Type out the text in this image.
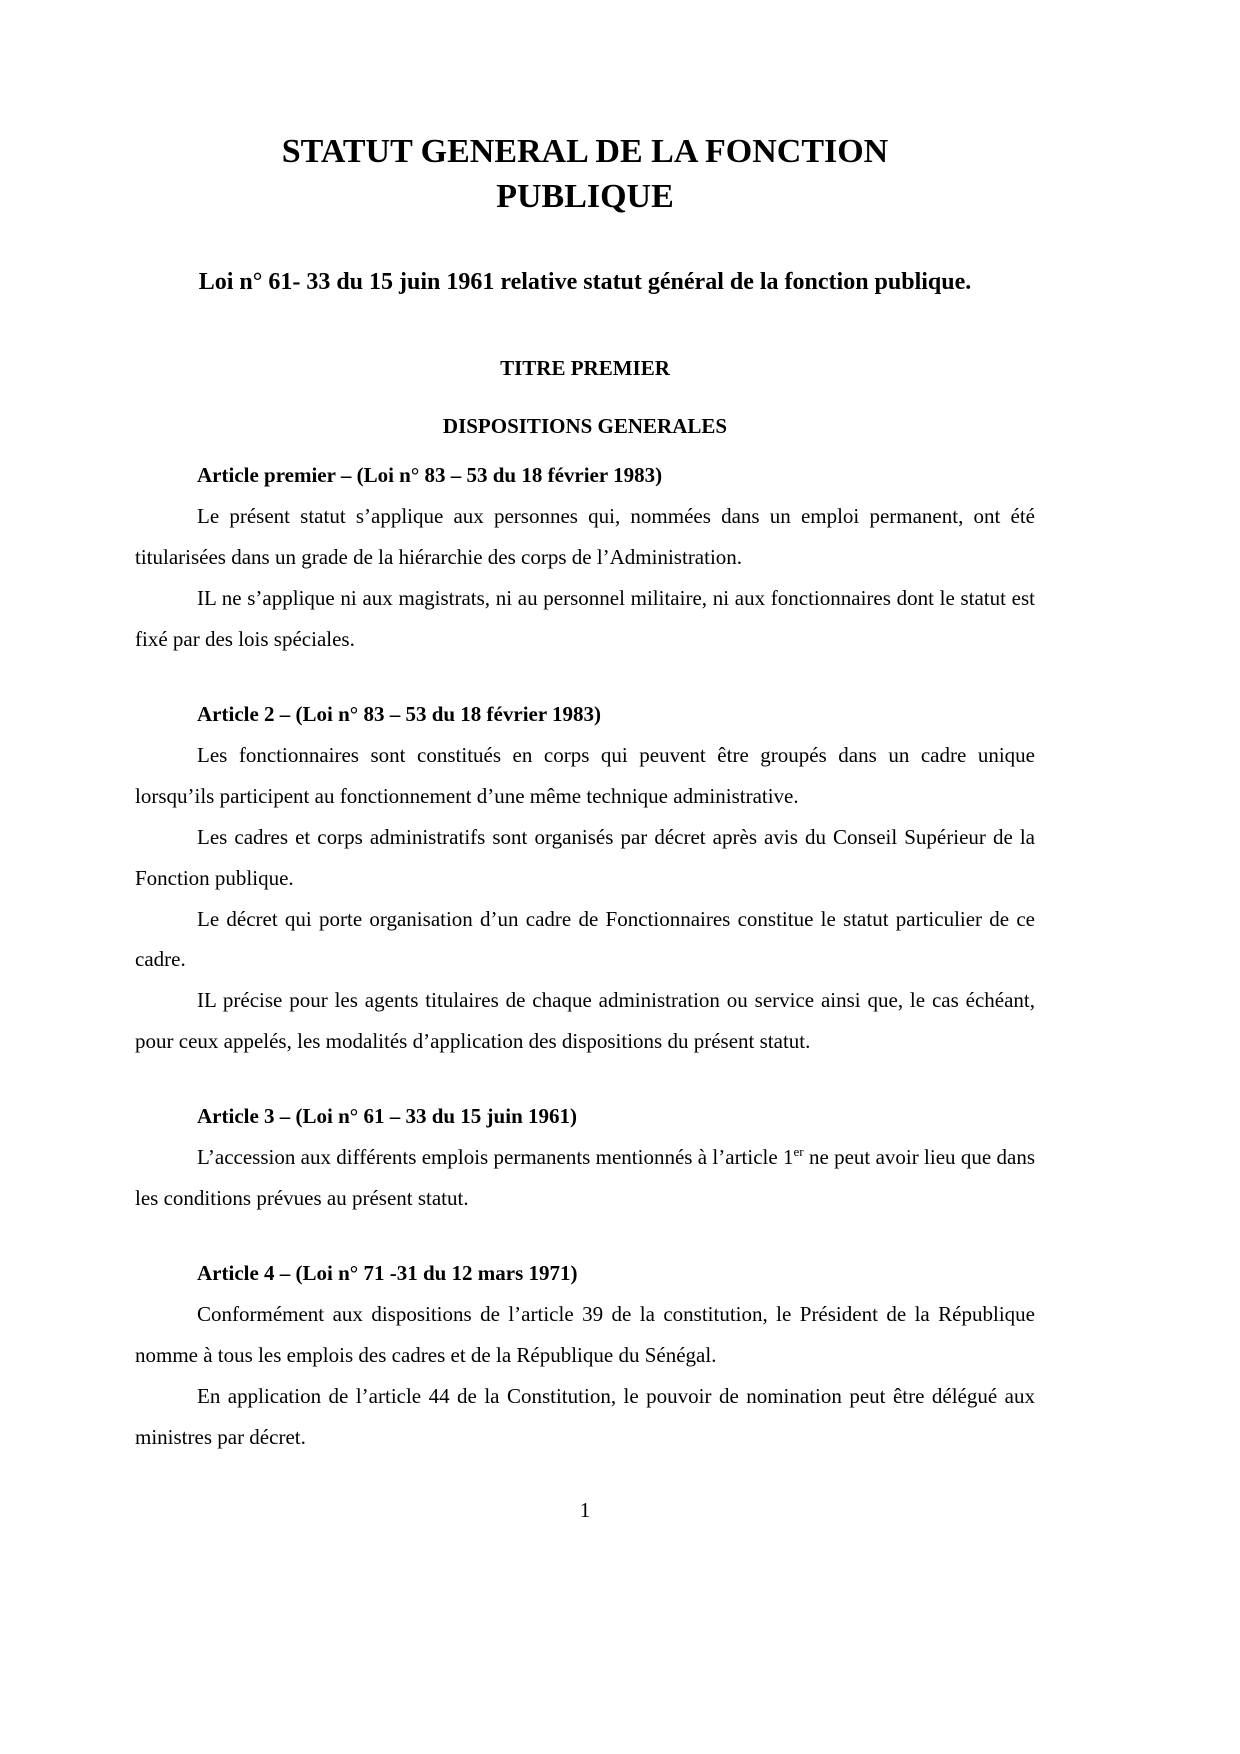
STATUT GENERAL DE LA FONCTION PUBLIQUE
Loi n° 61- 33 du 15 juin 1961 relative statut général de la fonction publique.
TITRE PREMIER
DISPOSITIONS GENERALES

Article premier – (Loi n° 83 – 53 du 18 février 1983)

Le présent statut s’applique aux personnes qui, nommées dans un emploi permanent, ont été titularisées dans un grade de la hiérarchie des corps de l’Administration.

IL ne s’applique ni aux magistrats, ni au personnel militaire, ni aux fonctionnaires dont le statut est fixé par des lois spéciales.

Article 2 – (Loi n° 83 – 53 du 18 février 1983)

Les fonctionnaires sont constitués en corps qui peuvent être groupés dans un cadre unique lorsqu’ils participent au fonctionnement d’une même technique administrative.

Les cadres et corps administratifs sont organisés par décret après avis du Conseil Supérieur de la Fonction publique.

Le décret qui porte organisation d’un cadre de Fonctionnaires constitue le statut particulier de ce cadre.

IL précise pour les agents titulaires de chaque administration ou service ainsi que, le cas échéant, pour ceux appelés, les modalités d’application des dispositions du présent statut.

Article 3 – (Loi n° 61 – 33 du 15 juin 1961)

L’accession aux différents emplois permanents mentionnés à l’article 1er ne peut avoir lieu que dans les conditions prévues au présent statut.

Article 4 – (Loi n° 71 -31 du 12 mars 1971)

Conformément aux dispositions de l’article 39 de la constitution, le Président de la République nomme à tous les emplois des cadres et de la République du Sénégal.

En application de l’article 44 de la Constitution, le pouvoir de nomination peut être délégué aux ministres par décret.

1
